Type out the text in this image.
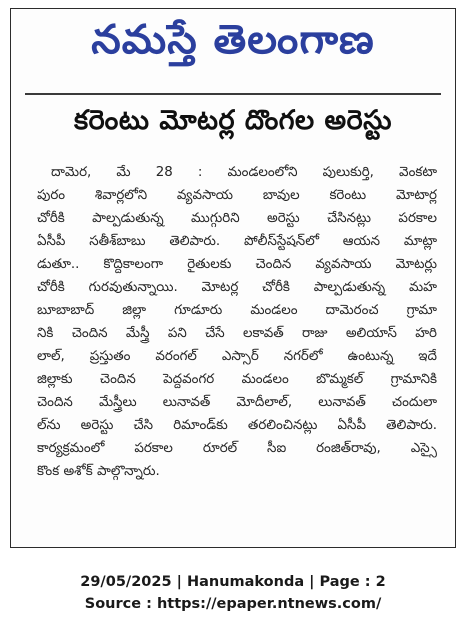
నమస్తే తెలంగాణ
కరెంటు మోటర్ల దొంగల అరెస్టు
దామెర, మే 28 : మండలంలోని పులుకుర్తి, వెంకటా
పురం శివార్లలోని వ్యవసాయ బావుల కరెంటు మోటార్ల
చోరీకి పాల్పడుతున్న ముగ్గురిని అరెస్టు చేసినట్లు పరకాల
ఏసీపీ సతీశ్‌బాబు తెలిపారు. పోలీస్‌స్టేషన్‌లో ఆయన మాట్లా
డుతూ.. కొద్దికాలంగా రైతులకు చెందిన వ్యవసాయ మోటర్లు
చోరీకి గురవుతున్నాయి. మోటర్ల చోరీకి పాల్పడుతున్న మహ
బూబాబాద్ జిల్లా గూడూరు మండలం దామెరంచ గ్రామా
నికి చెందిన మేస్త్రీ పని చేసే లకావత్ రాజు అలియాస్ హరి
లాల్, ప్రస్తుతం వరంగల్ ఎస్సార్ నగర్‌లో ఉంటున్న ఇదే
జిల్లాకు చెందిన పెద్దవంగర మండలం బొమ్మకల్ గ్రామానికి
చెందిన మేస్త్రీలు లునావత్ మోదీలాల్, లునావత్ చందులా
ల్‌ను అరెస్టు చేసి రిమాండ్‌కు తరలించినట్లు ఏసీపీ తెలిపారు.
కార్యక్రమంలో పరకాల రూరల్ సీఐ రంజిత్‌రావు, ఎస్సై
కొంక అశోక్ పాల్గొన్నారు.
29/05/2025 | Hanumakonda | Page : 2
Source : https://epaper.ntnews.com/
